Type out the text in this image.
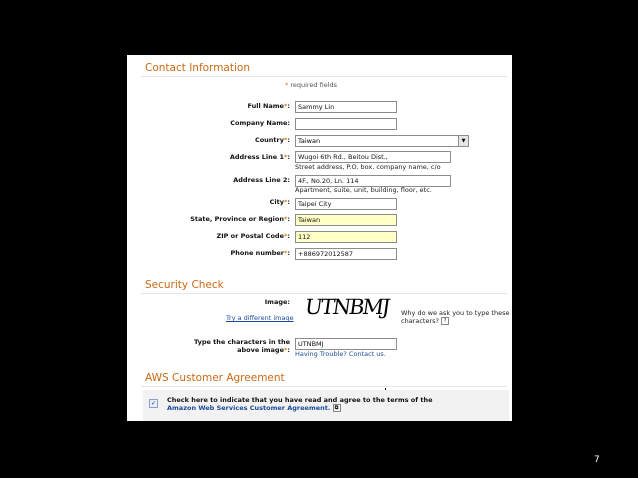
Contact Information
* required fields
Full Name*:	Sammy Lin
Company Name:
Country*:	Taiwan	▼
Address Line 1*:	Wugoi 6th Rd., Beitou Dist.,
Street address, P.O. box, company name, c/o
Address Line 2:	4F., No.20, Ln. 114
Apartment, suite, unit, building, floor, etc.
City*:	Taipei City
State, Province or Region*:	Taiwan
ZIP or Postal Code*:	112
Phone number*:	+886972012587
Security Check
Image: UTNBMJ
Try a different image
Why do we ask you to type these
characters? ?
Type the characters in the
above image*:
UTNBMJ
Having Trouble? Contact us.
AWS Customer Agreement
✓	Check here to indicate that you have read and agree to the terms of the
Amazon Web Services Customer Agreement. ⧉
7
